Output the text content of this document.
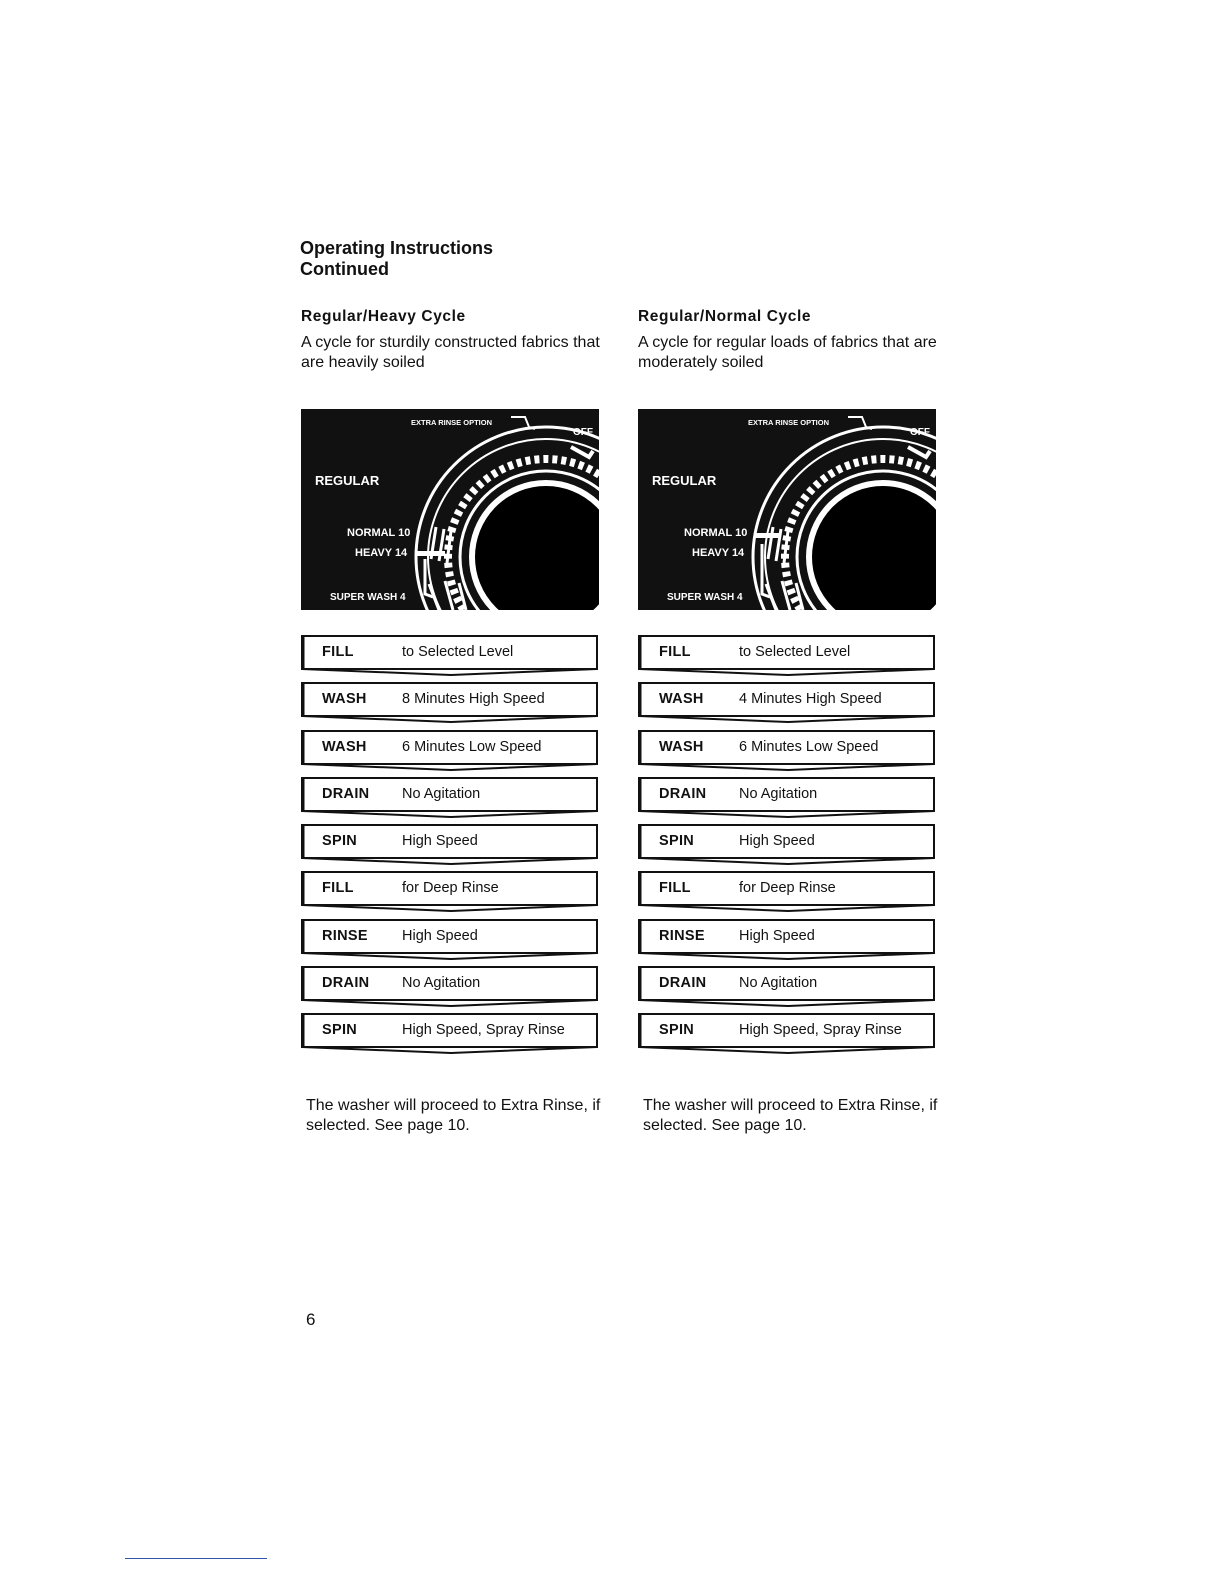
Operating Instructions
Continued
Regular/Heavy Cycle

A cycle for sturdily constructed fabrics that are heavily soiled

EXTRA RINSE OPTION
OFF
REGULAR
NORMAL 10
HEAVY 14
SUPER WASH 4
FILL	to Selected Level
WASH 8 Minutes High Speed
WASH 6 Minutes Low Speed
DRAIN No Agitation
SPIN	High Speed
FILL	for Deep Rinse
RINSE High Speed
DRAIN No Agitation
SPIN	High Speed, Spray Rinse

The washer will proceed to Extra Rinse, if selected. See page 10.

Regular/Normal Cycle

A cycle for regular loads of fabrics that are moderately soiled

EXTRA RINSE OPTION
OFF
REGULAR
NORMAL 10
HEAVY 14
SUPER WASH 4
FILL	to Selected Level
WASH 4 Minutes High Speed
WASH 6 Minutes Low Speed
DRAIN No Agitation
SPIN	High Speed
FILL	for Deep Rinse
RINSE High Speed
DRAIN No Agitation
SPIN	High Speed, Spray Rinse

The washer will proceed to Extra Rinse, if selected. See page 10.

6
